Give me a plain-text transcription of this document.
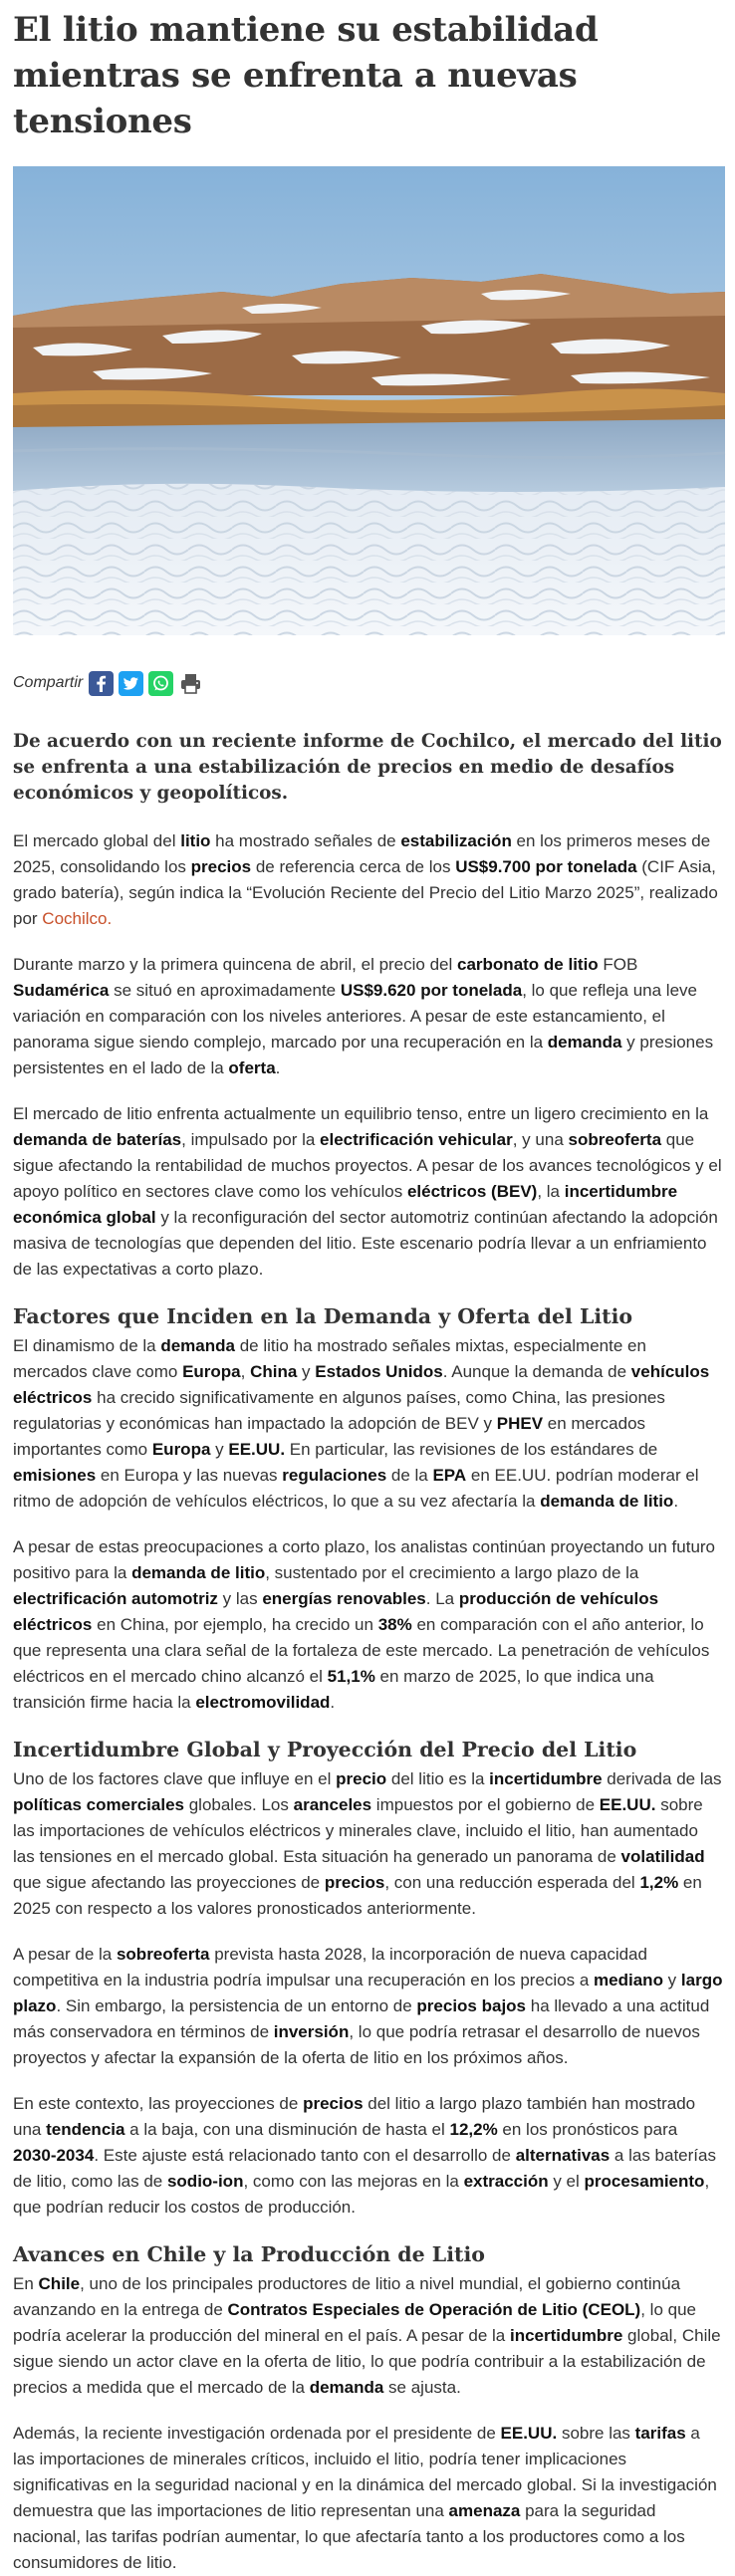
El litio mantiene su estabilidad mientras se enfrenta a nuevas tensiones
Compartir

De acuerdo con un reciente informe de Cochilco, el mercado del litio se enfrenta a una estabilización de precios en medio de desafíos económicos y geopolíticos.

El mercado global del litio ha mostrado señales de estabilización en los primeros meses de 2025, consolidando los precios de referencia cerca de los US$9.700 por tonelada (CIF Asia, grado batería), según indica la “Evolución Reciente del Precio del Litio Marzo 2025”, realizado por Cochilco.

Durante marzo y la primera quincena de abril, el precio del carbonato de litio FOB Sudamérica se situó en aproximadamente US$9.620 por tonelada, lo que refleja una leve variación en comparación con los niveles anteriores. A pesar de este estancamiento, el panorama sigue siendo complejo, marcado por una recuperación en la demanda y presiones persistentes en el lado de la oferta.

El mercado de litio enfrenta actualmente un equilibrio tenso, entre un ligero crecimiento en la demanda de baterías, impulsado por la electrificación vehicular, y una sobreoferta que sigue afectando la rentabilidad de muchos proyectos. A pesar de los avances tecnológicos y el apoyo político en sectores clave como los vehículos eléctricos (BEV), la incertidumbre económica global y la reconfiguración del sector automotriz continúan afectando la adopción masiva de tecnologías que dependen del litio. Este escenario podría llevar a un enfriamiento de las expectativas a corto plazo.

Factores que Inciden en la Demanda y Oferta del Litio

El dinamismo de la demanda de litio ha mostrado señales mixtas, especialmente en mercados clave como Europa, China y Estados Unidos. Aunque la demanda de vehículos eléctricos ha crecido significativamente en algunos países, como China, las presiones regulatorias y económicas han impactado la adopción de BEV y PHEV en mercados importantes como Europa y EE.UU. En particular, las revisiones de los estándares de emisiones en Europa y las nuevas regulaciones de la EPA en EE.UU. podrían moderar el ritmo de adopción de vehículos eléctricos, lo que a su vez afectaría la demanda de litio.

A pesar de estas preocupaciones a corto plazo, los analistas continúan proyectando un futuro positivo para la demanda de litio, sustentado por el crecimiento a largo plazo de la electrificación automotriz y las energías renovables. La producción de vehículos eléctricos en China, por ejemplo, ha crecido un 38% en comparación con el año anterior, lo que representa una clara señal de la fortaleza de este mercado. La penetración de vehículos eléctricos en el mercado chino alcanzó el 51,1% en marzo de 2025, lo que indica una transición firme hacia la electromovilidad.

Incertidumbre Global y Proyección del Precio del Litio

Uno de los factores clave que influye en el precio del litio es la incertidumbre derivada de las políticas comerciales globales. Los aranceles impuestos por el gobierno de EE.UU. sobre las importaciones de vehículos eléctricos y minerales clave, incluido el litio, han aumentado las tensiones en el mercado global. Esta situación ha generado un panorama de volatilidad que sigue afectando las proyecciones de precios, con una reducción esperada del 1,2% en 2025 con respecto a los valores pronosticados anteriormente.

A pesar de la sobreoferta prevista hasta 2028, la incorporación de nueva capacidad competitiva en la industria podría impulsar una recuperación en los precios a mediano y largo plazo. Sin embargo, la persistencia de un entorno de precios bajos ha llevado a una actitud más conservadora en términos de inversión, lo que podría retrasar el desarrollo de nuevos proyectos y afectar la expansión de la oferta de litio en los próximos años.

En este contexto, las proyecciones de precios del litio a largo plazo también han mostrado una tendencia a la baja, con una disminución de hasta el 12,2% en los pronósticos para 2030-2034. Este ajuste está relacionado tanto con el desarrollo de alternativas a las baterías de litio, como las de sodio-ion, como con las mejoras en la extracción y el procesamiento, que podrían reducir los costos de producción.

Avances en Chile y la Producción de Litio

En Chile, uno de los principales productores de litio a nivel mundial, el gobierno continúa avanzando en la entrega de Contratos Especiales de Operación de Litio (CEOL), lo que podría acelerar la producción del mineral en el país. A pesar de la incertidumbre global, Chile sigue siendo un actor clave en la oferta de litio, lo que podría contribuir a la estabilización de precios a medida que el mercado de la demanda se ajusta.

Además, la reciente investigación ordenada por el presidente de EE.UU. sobre las tarifas a las importaciones de minerales críticos, incluido el litio, podría tener implicaciones significativas en la seguridad nacional y en la dinámica del mercado global. Si la investigación demuestra que las importaciones de litio representan una amenaza para la seguridad nacional, las tarifas podrían aumentar, lo que afectaría tanto a los productores como a los consumidores de litio.
